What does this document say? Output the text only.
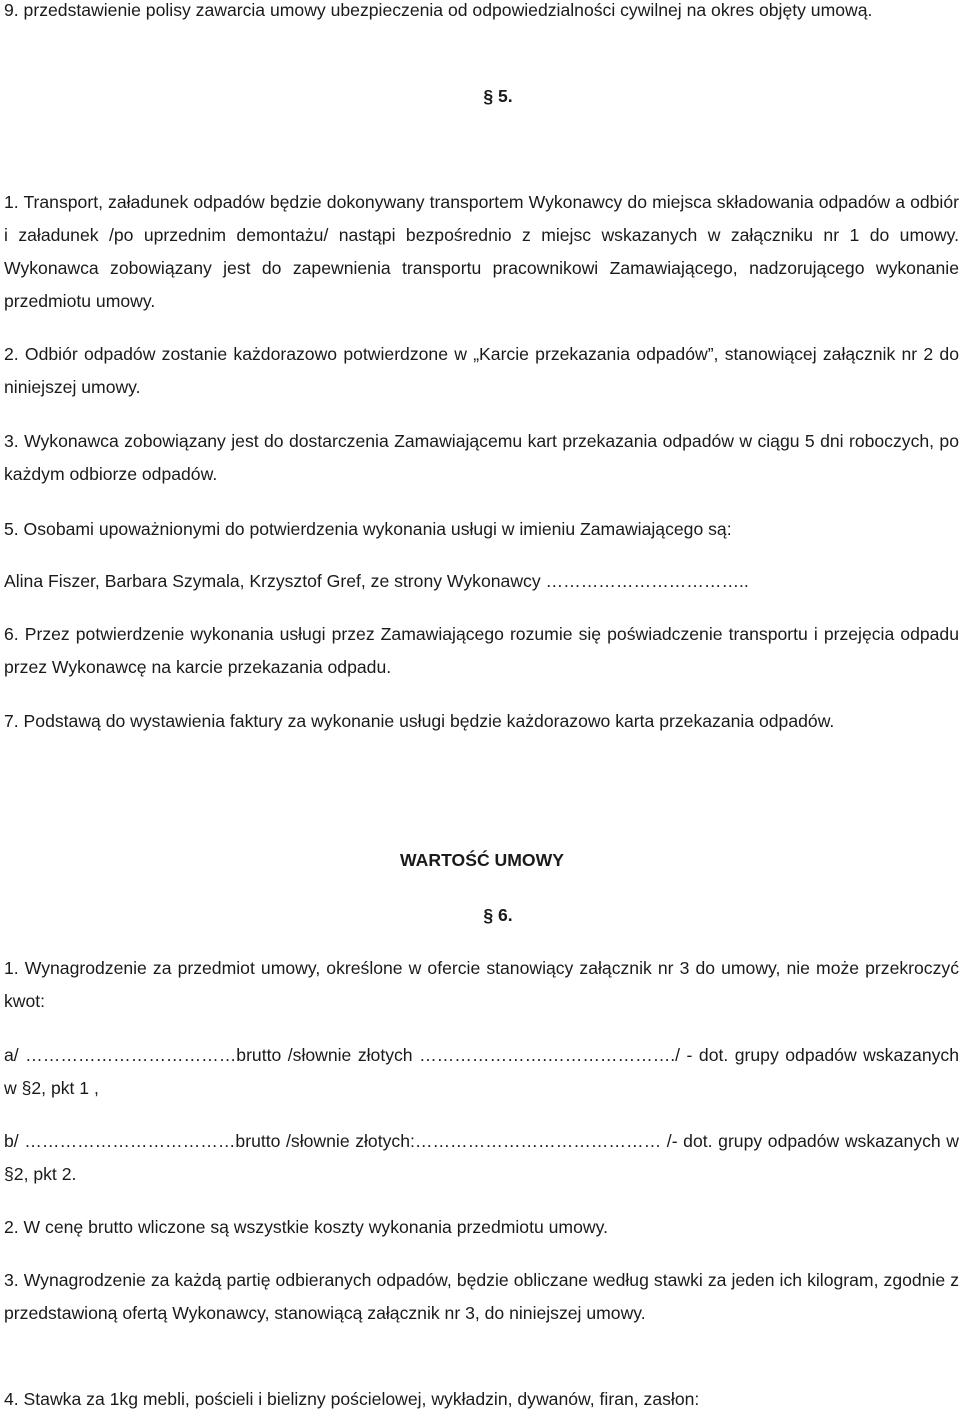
9. przedstawienie polisy zawarcia umowy ubezpieczenia od odpowiedzialności cywilnej na okres objęty umową.

§ 5.

1. Transport, załadunek odpadów będzie dokonywany transportem Wykonawcy do miejsca składowania odpadów a odbiór i załadunek /po uprzednim demontażu/ nastąpi bezpośrednio z miejsc wskazanych w załączniku nr 1 do umowy. Wykonawca zobowiązany jest do zapewnienia transportu pracownikowi Zamawiającego, nadzorującego wykonanie przedmiotu umowy.

2. Odbiór odpadów zostanie każdorazowo potwierdzone w „Karcie przekazania odpadów”, stanowiącej załącznik nr 2 do niniejszej umowy.

3. Wykonawca zobowiązany jest do dostarczenia Zamawiającemu kart przekazania odpadów w ciągu 5 dni roboczych, po każdym odbiorze odpadów.

5. Osobami upoważnionymi do potwierdzenia wykonania usługi w imieniu Zamawiającego są:

Alina Fiszer, Barbara Szymala, Krzysztof Gref, ze strony Wykonawcy ……………………………..

6. Przez potwierdzenie wykonania usługi przez Zamawiającego rozumie się poświadczenie transportu i przejęcia odpadu przez Wykonawcę na karcie przekazania odpadu.

7. Podstawą do wystawienia faktury za wykonanie usługi będzie każdorazowo karta przekazania odpadów.

WARTOŚĆ UMOWY

§ 6.

1. Wynagrodzenie za przedmiot umowy, określone w ofercie stanowiący załącznik nr 3 do umowy, nie może przekroczyć kwot:

a/ ………………………………brutto /słownie złotych ………………….…………………./ - dot. grupy odpadów wskazanych w §2, pkt 1 ,

b/ ………………………………brutto /słownie złotych:…………………………………… /- dot. grupy odpadów wskazanych w §2, pkt 2.

2. W cenę brutto wliczone są wszystkie koszty wykonania przedmiotu umowy.

3. Wynagrodzenie za każdą partię odbieranych odpadów, będzie obliczane według stawki za jeden ich kilogram, zgodnie z przedstawioną ofertą Wykonawcy, stanowiącą załącznik nr 3, do niniejszej umowy.

4. Stawka za 1kg mebli, pościeli i bielizny pościelowej, wykładzin, dywanów, firan, zasłon:
